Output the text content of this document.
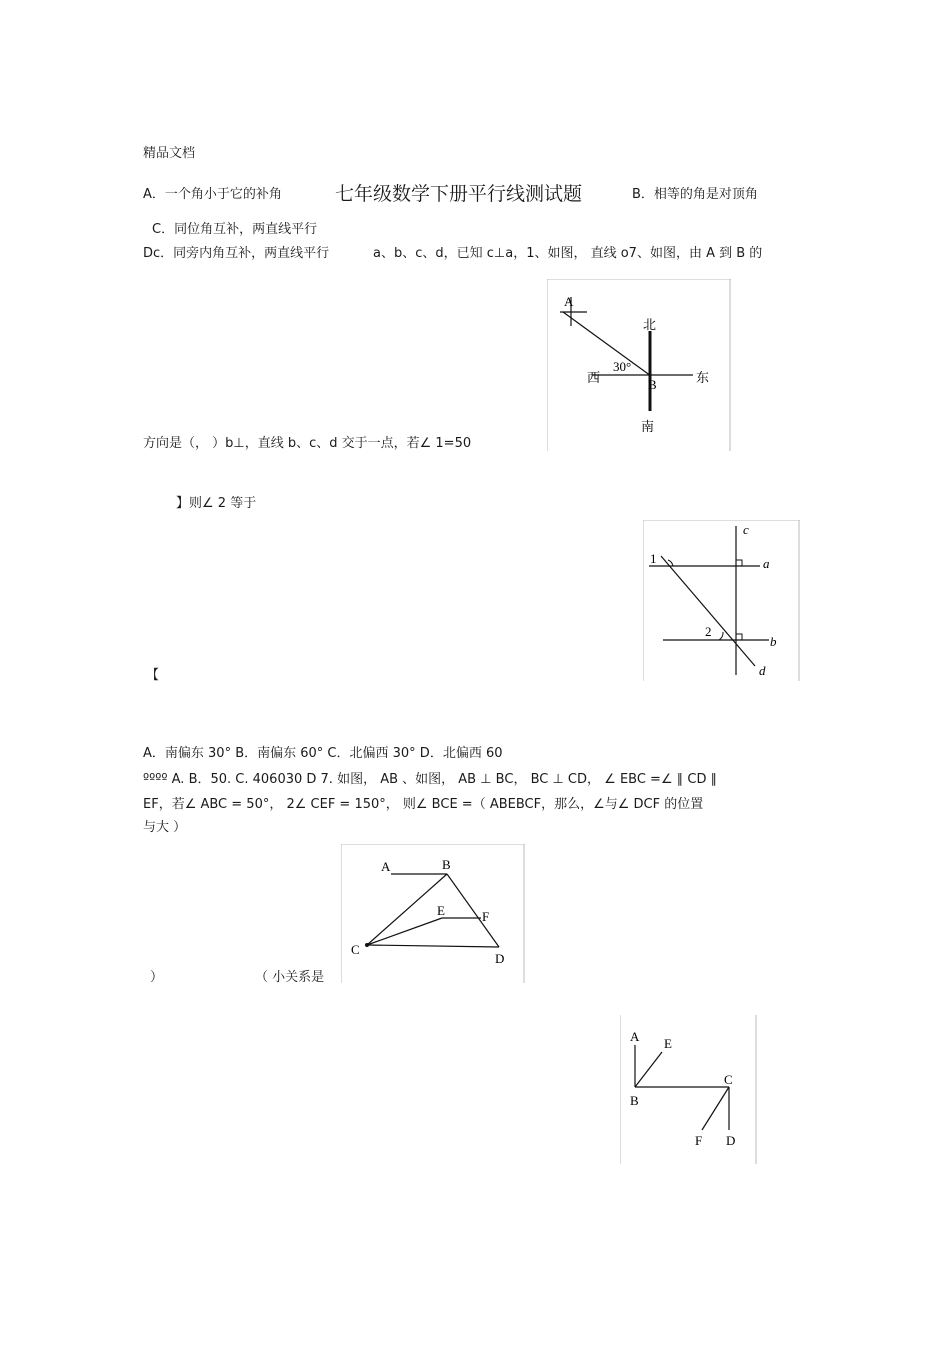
精品文档
A．一个角小于它的补角	七年级数学下册平行线测试题	B．相等的角是对顶角
C．同位角互补，两直线平行
Dc．同旁内角互补，两直线平行	a、b、c、d，已知 c⊥a，1、如图， 直线 o7、如图，由 A 到 B 的
方向是（， ）b⊥，直线 b、c、d 交于一点，若∠ 1=50
】则∠ 2 等于
【
A．南偏东 30° B．南偏东 60° C．北偏西 30° D．北偏西 60
ºººº A. B．50. C. 406030 D 7. 如图， AB 、如图， AB ⊥ BC， BC ⊥ CD， ∠ EBC =∠ ∥ CD ∥
EF，若∠ ABC = 50°， 2∠ CEF = 150°， 则∠ BCE =（ ABEBCF，那么，∠与∠ DCF 的位置
与大 ）
）	（ 小关系是
A
北
西
30°
B	东
南
c
1	a
2
b
d
A	B
E	F
C
D
A E
B
C
F D
